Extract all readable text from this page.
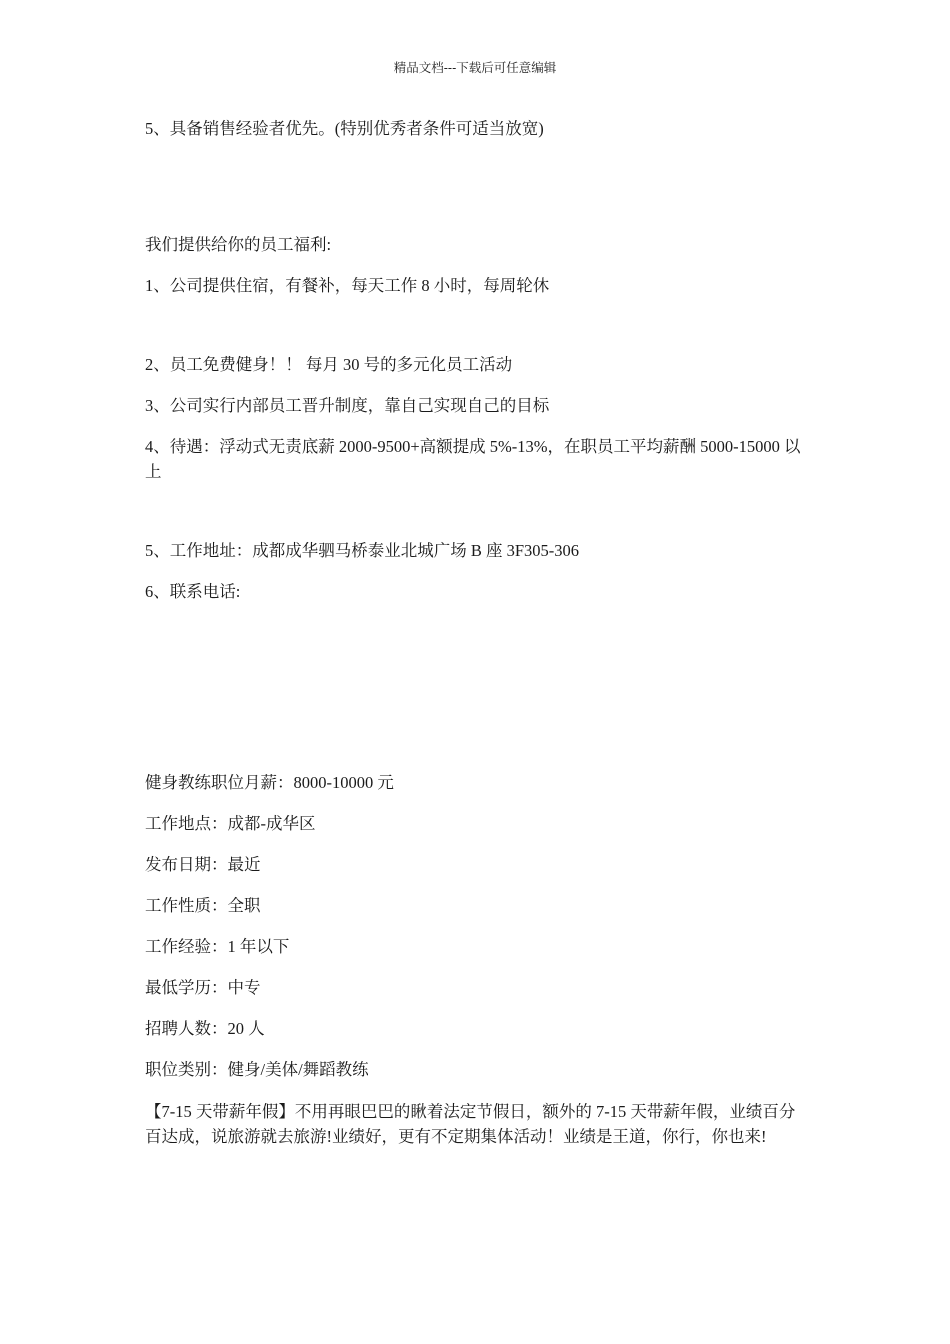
精品文档---下载后可任意编辑
5、具备销售经验者优先。(特别优秀者条件可适当放宽)
我们提供给你的员工福利:
1、公司提供住宿，有餐补，每天工作 8 小时，每周轮休
2、员工免费健身！！ 每月 30 号的多元化员工活动
3、公司实行内部员工晋升制度，靠自己实现自己的目标
4、待遇：浮动式无责底薪 2000-9500+高额提成 5%-13%，在职员工平均薪酬 5000-15000 以上
5、工作地址：成都成华驷马桥泰业北城广场 B 座 3F305-306
6、联系电话:
健身教练职位月薪：8000-10000 元
工作地点：成都-成华区
发布日期：最近
工作性质：全职
工作经验：1 年以下
最低学历：中专
招聘人数：20 人
职位类别：健身/美体/舞蹈教练
【7-15 天带薪年假】不用再眼巴巴的瞅着法定节假日，额外的 7-15 天带薪年假，业绩百分百达成，说旅游就去旅游!业绩好，更有不定期集体活动！业绩是王道，你行，你也来!
